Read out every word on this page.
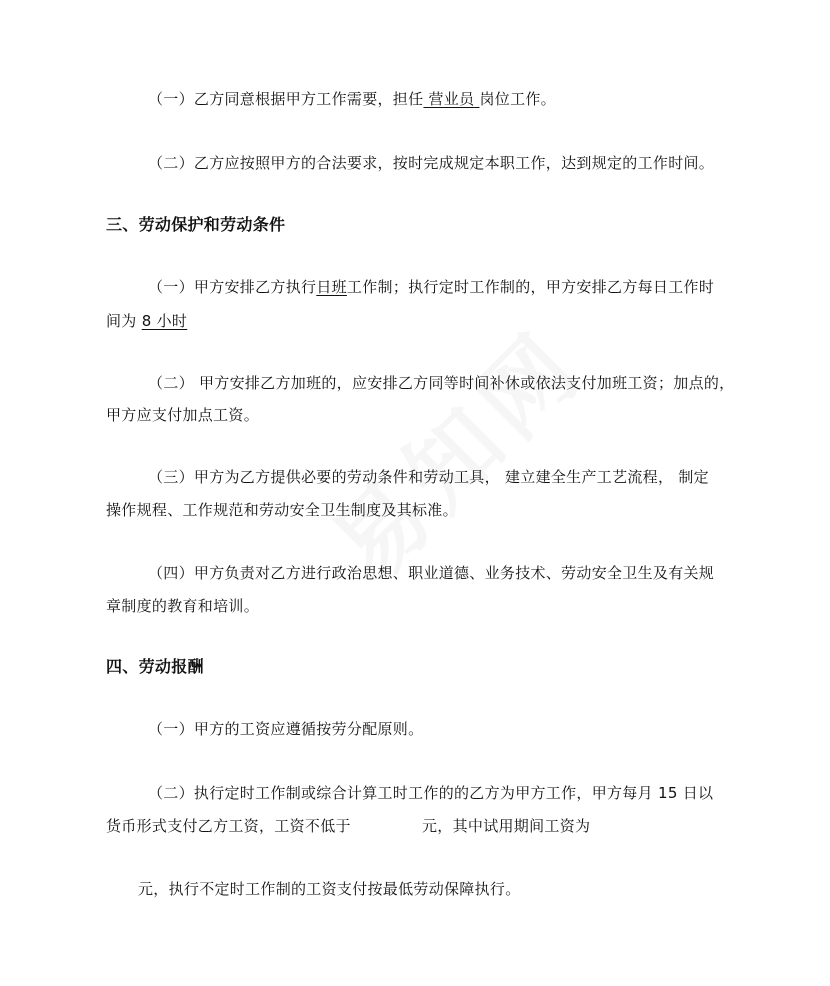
（一）乙方同意根据甲方工作需要，担任 营业员 岗位工作。
（二）乙方应按照甲方的合法要求，按时完成规定本职工作，达到规定的工作时间。
三、劳动保护和劳动条件
（一）甲方安排乙方执行日班工作制；执行定时工作制的，甲方安排乙方每日工作时
间为 8 小时
（二） 甲方安排乙方加班的，应安排乙方同等时间补休或依法支付加班工资；加点的，
甲方应支付加点工资。
（三）甲方为乙方提供必要的劳动条件和劳动工具， 建立建全生产工艺流程， 制定
操作规程、工作规范和劳动安全卫生制度及其标准。
（四）甲方负责对乙方进行政治思想、职业道德、业务技术、劳动安全卫生及有关规
章制度的教育和培训。
四、劳动报酬
（一）甲方的工资应遵循按劳分配原则。
（二）执行定时工作制或综合计算工时工作的的乙方为甲方工作，甲方每月 15 日以
货币形式支付乙方工资，工资不低于	元，其中试用期间工资为
元，执行不定时工作制的工资支付按最低劳动保障执行。
